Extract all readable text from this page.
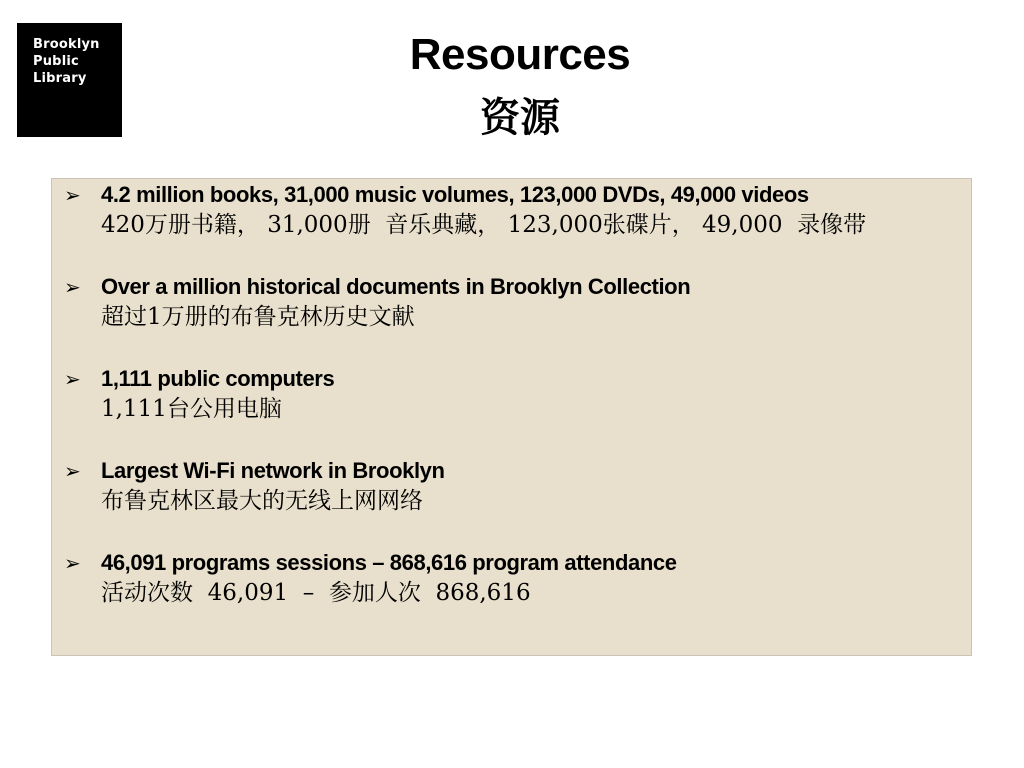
Brooklyn
Public
Library	Resources
资源
➢ 4.2 million books, 31,000 music volumes, 123,000 DVDs, 49,000 videos
420万册书籍， 31,000册  音乐典藏， 123,000张碟片， 49,000  录像带
➢ Over a million historical documents in Brooklyn Collection
超过1万册的布鲁克林历史文献
➢ 1,111 public computers
1,111台公用电脑
➢ Largest Wi-Fi network in Brooklyn
布鲁克林区最大的无线上网网络
➢ 46,091 programs sessions – 868,616 program attendance
活动次数  46,091  –  参加人次  868,616
